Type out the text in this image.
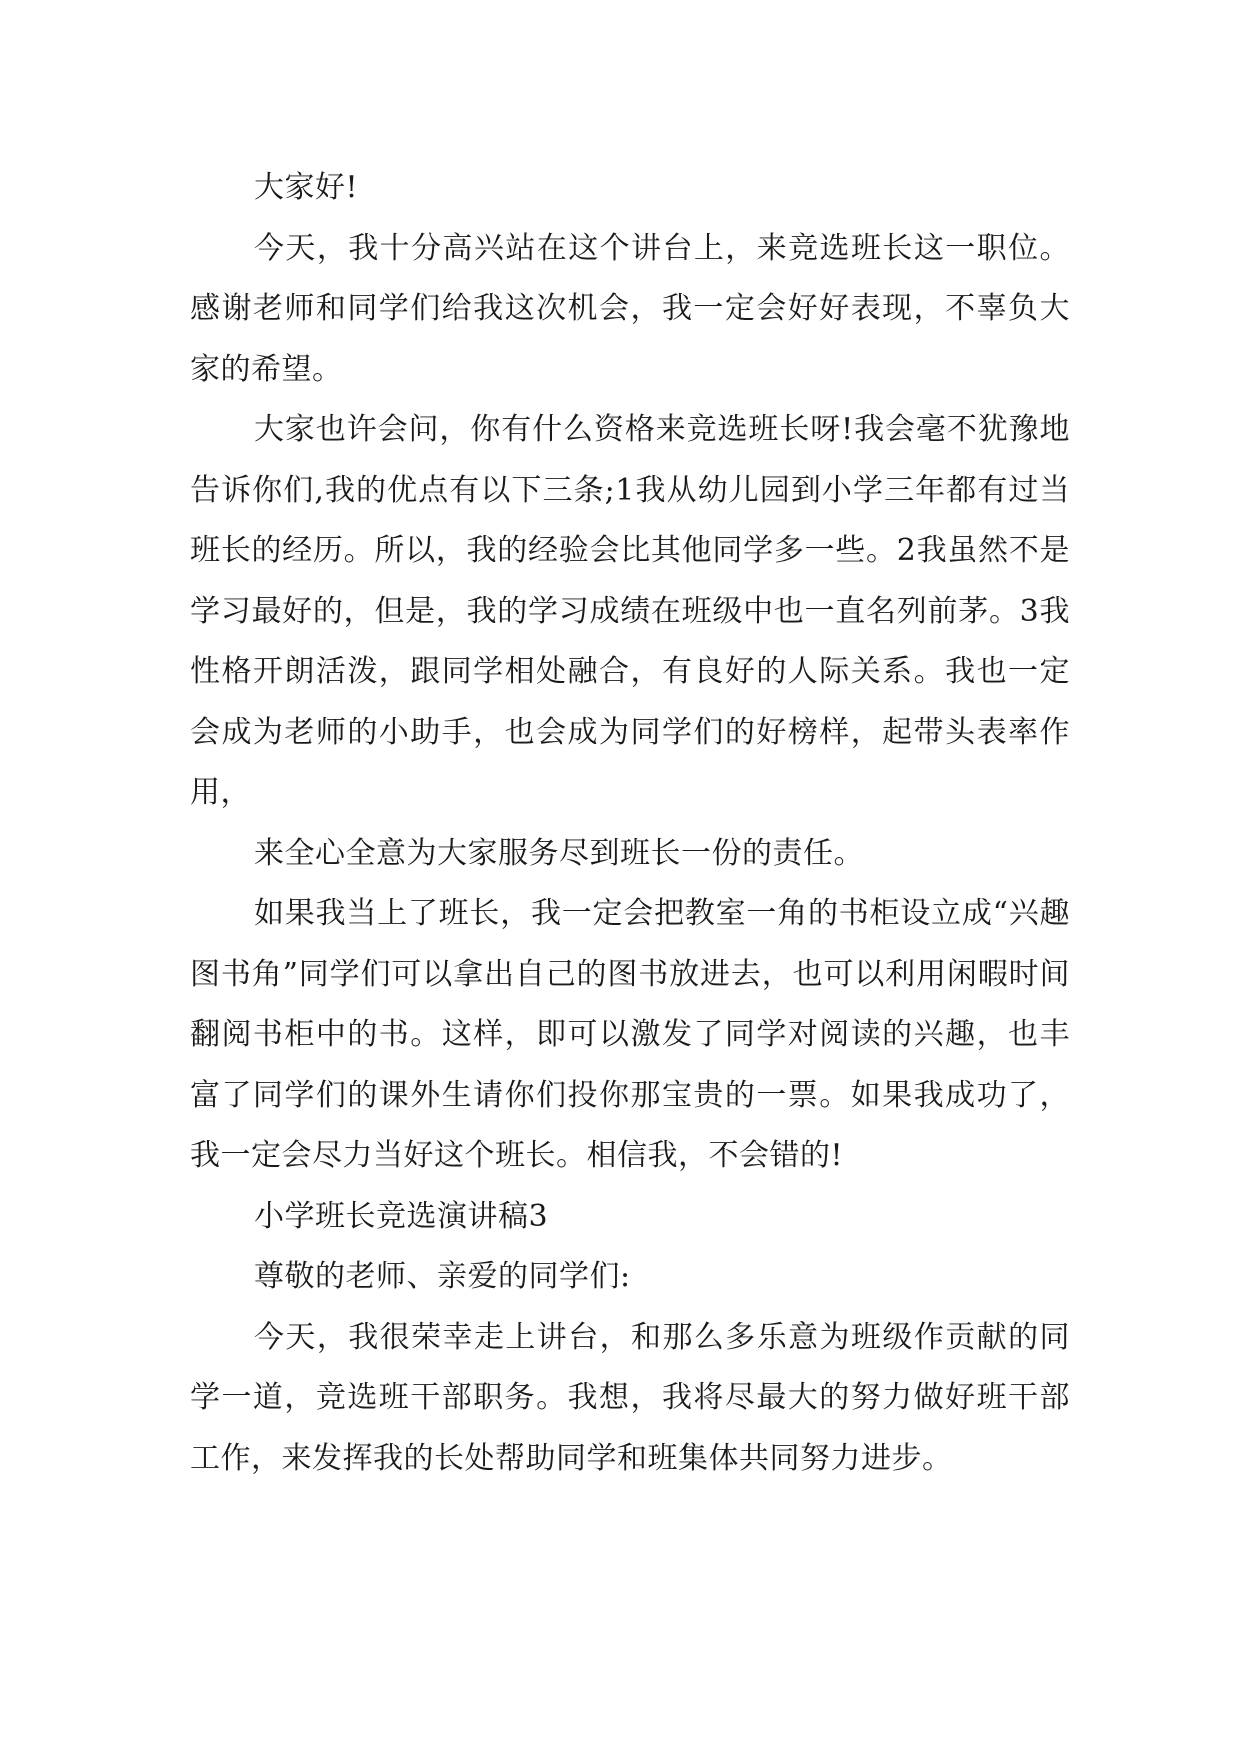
大家好!

今天，我十分高兴站在这个讲台上，来竞选班长这一职位。感谢老师和同学们给我这次机会，我一定会好好表现，不辜负大家的希望。

大家也许会问，你有什么资格来竞选班长呀!我会毫不犹豫地告诉你们,我的优点有以下三条;1我从幼儿园到小学三年都有过当班长的经历。所以，我的经验会比其他同学多一些。2我虽然不是学习最好的，但是，我的学习成绩在班级中也一直名列前茅。3我性格开朗活泼，跟同学相处融合，有良好的人际关系。我也一定会成为老师的小助手，也会成为同学们的好榜样，起带头表率作用，

来全心全意为大家服务尽到班长一份的责任。

如果我当上了班长，我一定会把教室一角的书柜设立成“兴趣图书角”同学们可以拿出自己的图书放进去，也可以利用闲暇时间翻阅书柜中的书。这样，即可以激发了同学对阅读的兴趣，也丰富了同学们的课外生请你们投你那宝贵的一票。如果我成功了，我一定会尽力当好这个班长。相信我，不会错的!

小学班长竞选演讲稿3

尊敬的老师、亲爱的同学们:

今天，我很荣幸走上讲台，和那么多乐意为班级作贡献的同学一道，竞选班干部职务。我想，我将尽最大的努力做好班干部工作，来发挥我的长处帮助同学和班集体共同努力进步。
